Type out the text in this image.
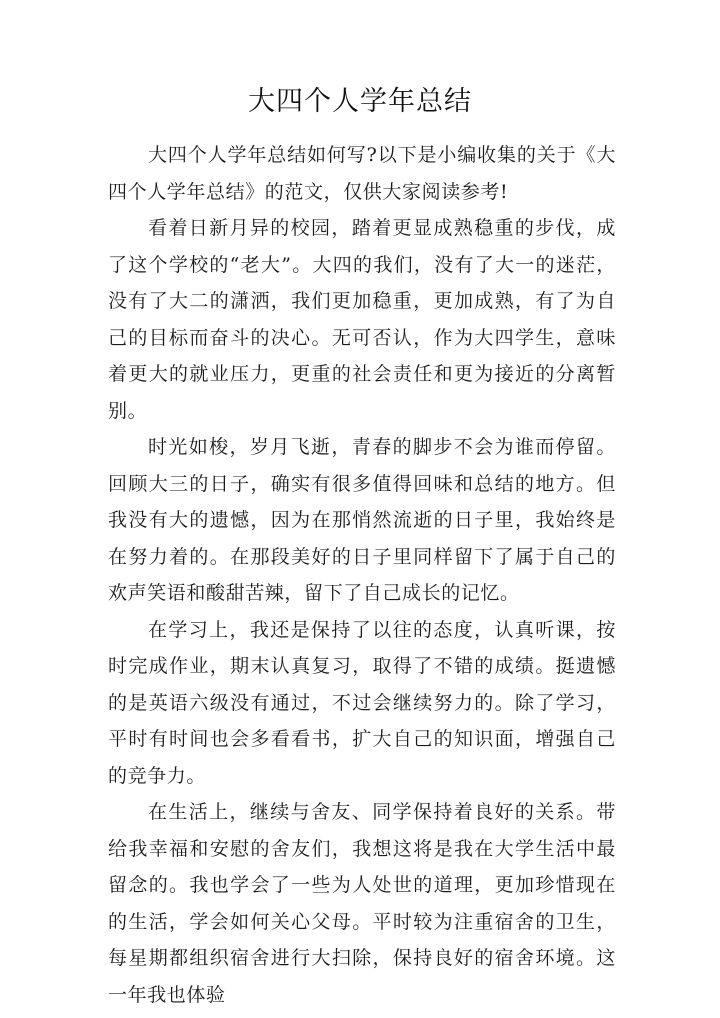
大四个人学年总结

大四个人学年总结如何写?以下是小编收集的关于《大四个人学年总结》的范文，仅供大家阅读参考!

看着日新月异的校园，踏着更显成熟稳重的步伐，成了这个学校的“老大”。大四的我们，没有了大一的迷茫，没有了大二的潇洒，我们更加稳重，更加成熟，有了为自己的目标而奋斗的决心。无可否认，作为大四学生，意味着更大的就业压力，更重的社会责任和更为接近的分离暂别。

时光如梭，岁月飞逝，青春的脚步不会为谁而停留。回顾大三的日子，确实有很多值得回味和总结的地方。但我没有大的遗憾，因为在那悄然流逝的日子里，我始终是在努力着的。在那段美好的日子里同样留下了属于自己的欢声笑语和酸甜苦辣，留下了自己成长的记忆。

在学习上，我还是保持了以往的态度，认真听课，按时完成作业，期末认真复习，取得了不错的成绩。挺遗憾的是英语六级没有通过，不过会继续努力的。除了学习，平时有时间也会多看看书，扩大自己的知识面，增强自己的竞争力。

在生活上，继续与舍友、同学保持着良好的关系。带给我幸福和安慰的舍友们，我想这将是我在大学生活中最留念的。我也学会了一些为人处世的道理，更加珍惜现在的生活，学会如何关心父母。平时较为注重宿舍的卫生，每星期都组织宿舍进行大扫除，保持良好的宿舍环境。这一年我也体验
